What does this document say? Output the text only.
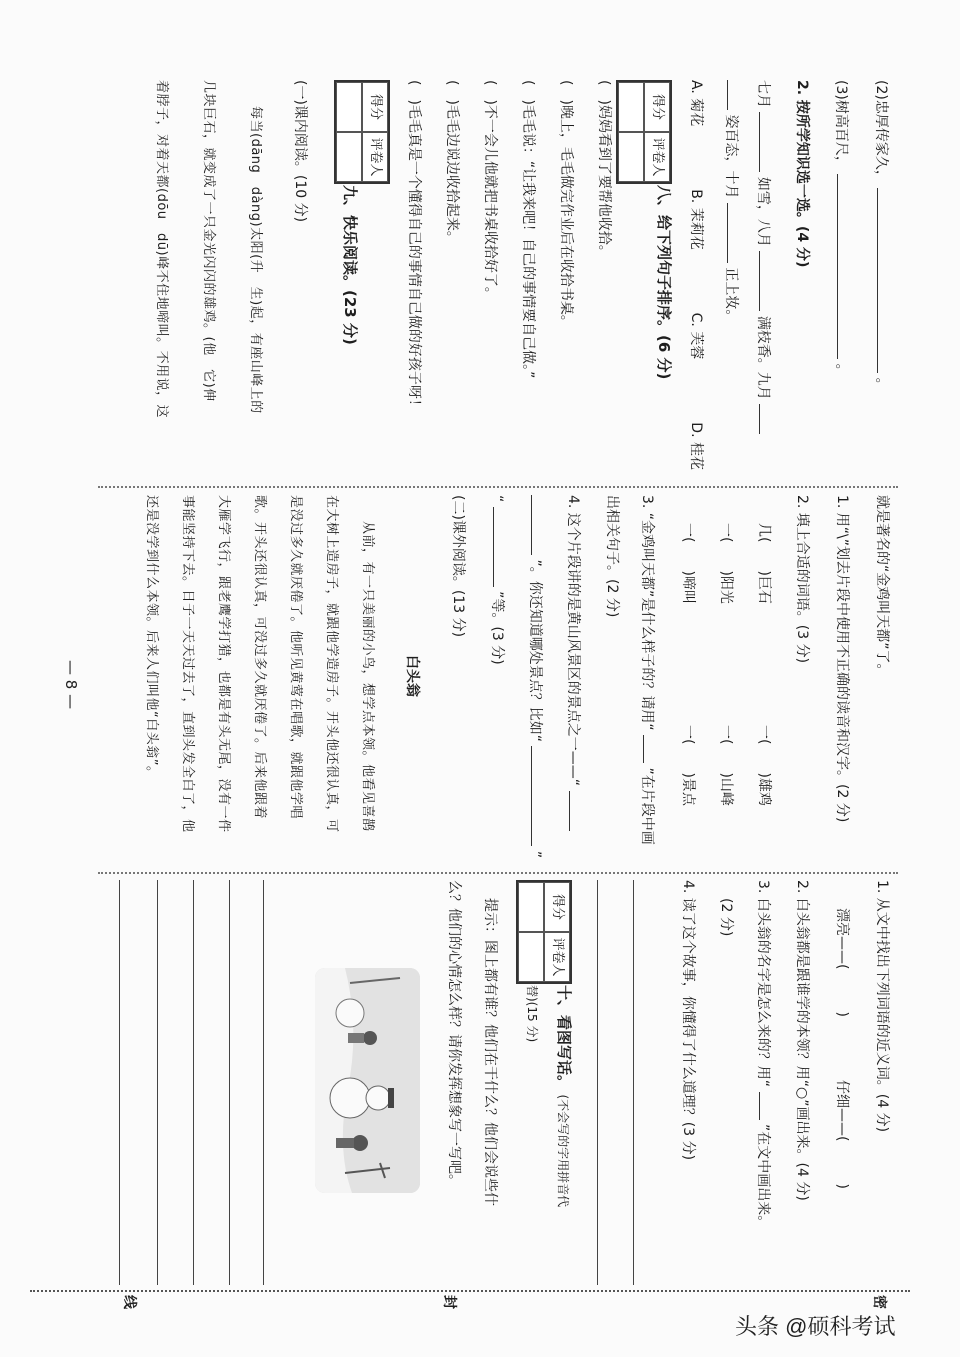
(2)忠厚传家久，  。
(3)树高百尺，  。
2. 按所学知识选一选。(4 分)
七月  如雪，八月  满枝香。九月
姿百态，十月  正上妆。
A. 菊花
B. 茉莉花
C. 芙蓉
D. 桂花
得分
评卷人
八、给下列句子排序。(6 分)
(　)妈妈看到了要帮他收拾。
(　)晚上，毛毛做完作业后在收拾书桌。
(　)毛毛说：“让我来吧！自己的事情要自己做。”
(　)不一会儿他就把书桌收拾好了。
(　)毛毛边说边收拾起来。
(　)毛毛真是一个懂得自己的事情自己做的好孩子呀！
得分
评卷人
九、快乐阅读。(23 分)
(一)课内阅读。(10 分)
每当(dāng　dàng)太阳(升　生)起，有座山峰上的
几块巨石，就变成了一只金光闪闪的雄鸡。(他　它)伸
着脖子，对着天都(dōu　dū)峰不住地啼叫。不用说，这
就是著名的“金鸡叫天都”了。
1. 用“\”划去片段中使用不正确的读音和汉字。(2 分)
2. 填上合适的词语。(3 分)
几(　　)巨石
一(　　)雄鸡
一(　　)阳光
一(　　)山峰
一(　　)啼叫
一(　　)景点
3. “金鸡叫天都”是什么样子的？请用“  ”在片段中画
出相关句子。(2 分)
4. 这个片段讲的是黄山风景区的景点之一——“
”。你还知道哪处景点？比如“  ”
“  ”等。(3 分)
(二)课外阅读。(13 分)
白头翁
从前，有一只美丽的小鸟，想学点本领。他看见喜鹊
在大树上造房子，就跟他学造房子。开头他还很认真，可
是没过多久就厌倦了。他听见黄莺在唱歌，就跟他学唱
歌。开头还很认真，可没过多久就厌倦了。后来他跟着
大雁学飞行，跟老鹰学打猎，也都是有头无尾，没有一件
事能坚持下去。日子一天天过去了，直到头发全白了，他
还是没学到什么本领。后来人们叫他“白头翁”。
1. 从文中找出下列词语的近义词。(4 分)
漂亮——(　　　)
仔细——(　　　)
2. 白头翁都是跟谁学的本领？用“○”画出来。(4 分)
3. 白头翁的名字是怎么来的？用“  ”在文中画出来。
(2 分)
4. 读了这个故事，你懂得了什么道理？(3 分)
得分
评卷人
十、看图写话。 (不会写的字用拼音代
替)(15 分)
提示：图上都有谁？他们在干什么？他们会说些什
么？他们的心情怎么样？请你发挥想象写一写吧。
密
封
线
— 8 —
头条 @硕科考试
